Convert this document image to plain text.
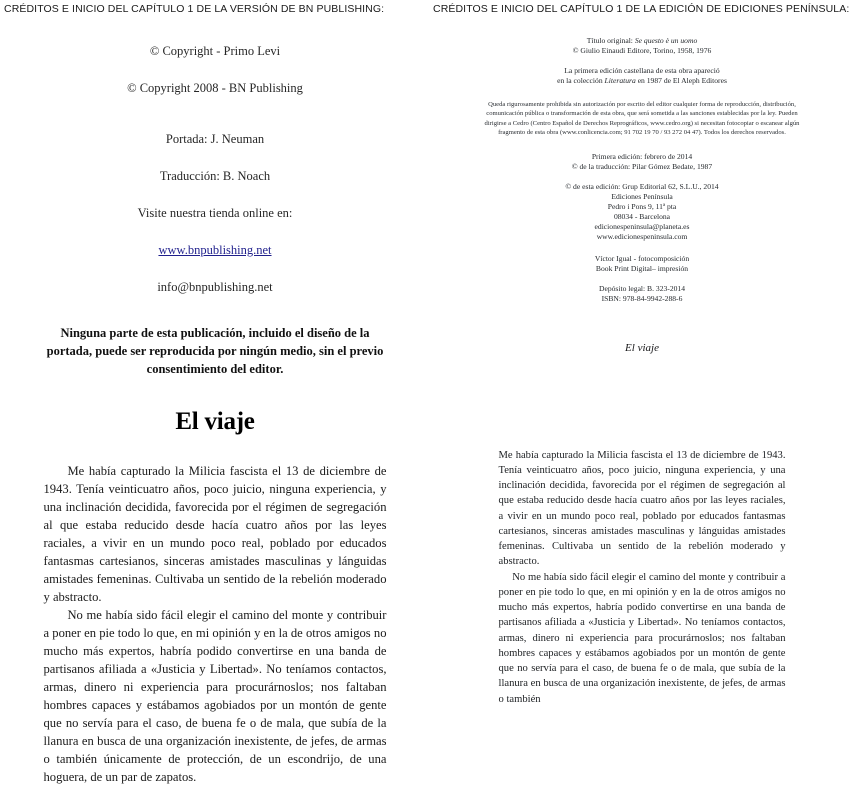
CRÉDITOS E INICIO DEL CAPÍTULO 1 DE LA VERSIÓN DE BN PUBLISHING:	CRÉDITOS E INICIO DEL CAPÍTULO 1 DE LA EDICIÓN DE EDICIONES PENÍNSULA:
© Copyright - Primo Levi
© Copyright 2008 - BN Publishing
Portada: J. Neuman
Traducción: B. Noach
Visite nuestra tienda online en:
www.bnpublishing.net
info@bnpublishing.net
Ninguna parte de esta publicación, incluido el diseño de la portada, puede ser reproducida por ningún medio, sin el previo consentimiento del editor.
El viaje

Me había capturado la Milicia fascista el 13 de diciembre de 1943. Tenía veinticuatro años, poco juicio, ninguna experiencia, y una inclinación decidida, favorecida por el régimen de segregación al que estaba reducido desde hacía cuatro años por las leyes raciales, a vivir en un mundo poco real, poblado por educados fantasmas cartesianos, sinceras amistades masculinas y lánguidas amistades femeninas. Cultivaba un sentido de la rebelión moderado y abstracto.

No me había sido fácil elegir el camino del monte y contribuir a poner en pie todo lo que, en mi opinión y en la de otros amigos no mucho más expertos, habría podido convertirse en una banda de partisanos afiliada a «Justicia y Libertad». No teníamos contactos, armas, dinero ni experiencia para procurárnoslos; nos faltaban hombres capaces y estábamos agobiados por un montón de gente que no servía para el caso, de buena fe o de mala, que subía de la llanura en busca de una organización inexistente, de jefes, de armas o también únicamente de protección, de un escondrijo, de una hoguera, de un par de zapatos.

Título original: Se questo è un uomo
© Giulio Einaudi Editore, Torino, 1958, 1976
La primera edición castellana de esta obra apareció
en la colección Literatura en 1987 de El Aleph Editores
Queda rigurosamente prohibida sin autorización por escrito del editor cualquier forma de reproducción, distribución, comunicación pública o transformación de esta obra, que será sometida a las sanciones establecidas por la ley. Pueden dirigirse a Cedro (Centro Español de Derechos Reprográficos, www.cedro.org) si necesitan fotocopiar o escanear algún fragmento de esta obra (www.conlicencia.com; 91 702 19 70 / 93 272 04 47). Todos los derechos reservados.
Primera edición: febrero de 2014
© de la traducción: Pilar Gómez Bedate, 1987
© de esta edición: Grup Editorial 62, S.L.U., 2014
Ediciones Península
Pedro i Pons 9, 11ª pta
08034 - Barcelona
edicionespeninsula@planeta.es
www.edicionespeninsula.com
Víctor Igual - fotocomposición
Book Print Digital– impresión
Depósito legal: B. 323-2014
ISBN: 978-84-9942-288-6
El viaje

Me había capturado la Milicia fascista el 13 de diciembre de 1943. Tenía veinticuatro años, poco juicio, ninguna experiencia, y una inclinación decidida, favorecida por el régimen de segregación al que estaba reducido desde hacía cuatro años por las leyes raciales, a vivir en un mundo poco real, poblado por educados fantasmas cartesianos, sinceras amistades masculinas y lánguidas amistades femeninas. Cultivaba un sentido de la rebelión moderado y abstracto.

No me había sido fácil elegir el camino del monte y contribuir a poner en pie todo lo que, en mi opinión y en la de otros amigos no mucho más expertos, habría podido convertirse en una banda de partisanos afiliada a «Justicia y Libertad». No teníamos contactos, armas, dinero ni experiencia para procurárnoslos; nos faltaban hombres capaces y estábamos agobiados por un montón de gente que no servía para el caso, de buena fe o de mala, que subía de la llanura en busca de una organización inexistente, de jefes, de armas o también
